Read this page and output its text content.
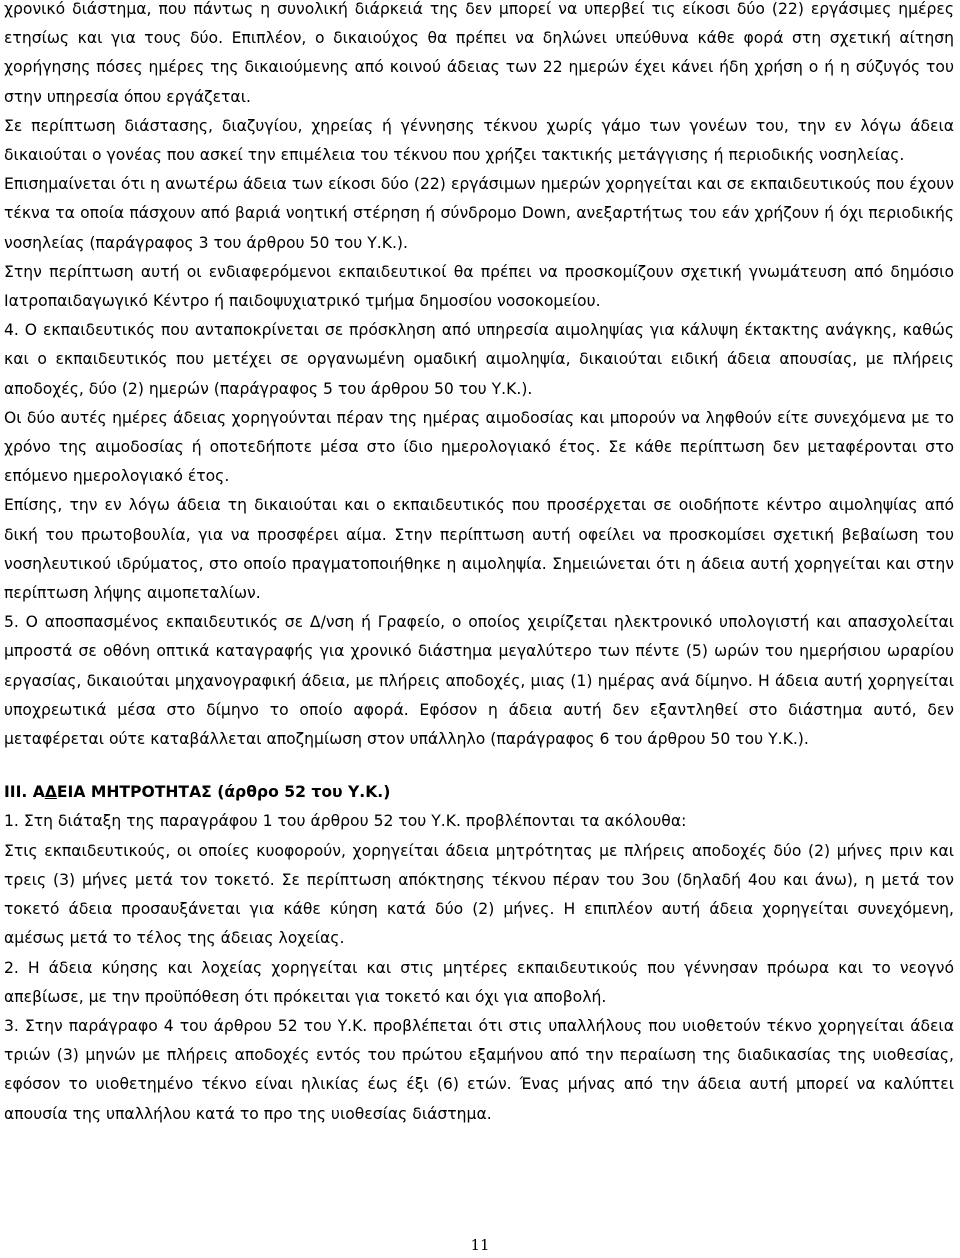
χρονικό διάστημα, που πάντως η συνολική διάρκειά της δεν μπορεί να υπερβεί τις είκοσι δύο (22) εργάσιμες ημέρες ετησίως και για τους δύο. Επιπλέον, ο δικαιούχος θα πρέπει να δηλώνει υπεύθυνα κάθε φορά στη σχετική αίτηση χορήγησης πόσες ημέρες της δικαιούμενης από κοινού άδειας των 22 ημερών έχει κάνει ήδη χρήση ο ή η σύζυγός του στην υπηρεσία όπου εργάζεται.

Σε περίπτωση διάστασης, διαζυγίου, χηρείας ή γέννησης τέκνου χωρίς γάμο των γονέων του, την εν λόγω άδεια δικαιούται ο γονέας που ασκεί την επιμέλεια του τέκνου που χρήζει τακτικής μετάγγισης ή περιοδικής νοσηλείας.

Επισημαίνεται ότι η ανωτέρω άδεια των είκοσι δύο (22) εργάσιμων ημερών χορηγείται και σε εκπαιδευτικούς που έχουν τέκνα τα οποία πάσχουν από βαριά νοητική στέρηση ή σύνδρομο Down, ανεξαρτήτως του εάν χρήζουν ή όχι περιοδικής νοσηλείας (παράγραφος 3 του άρθρου 50 του Υ.Κ.).

Στην περίπτωση αυτή οι ενδιαφερόμενοι εκπαιδευτικοί θα πρέπει να προσκομίζουν σχετική γνωμάτευση από δημόσιο Ιατροπαιδαγωγικό Κέντρο ή παιδοψυχιατρικό τμήμα δημοσίου νοσοκομείου.

4. Ο εκπαιδευτικός που ανταποκρίνεται σε πρόσκληση από υπηρεσία αιμοληψίας για κάλυψη έκτακτης ανάγκης, καθώς και ο εκπαιδευτικός που μετέχει σε οργανωμένη ομαδική αιμοληψία, δικαιούται ειδική άδεια απουσίας, με πλήρεις αποδοχές, δύο (2) ημερών (παράγραφος 5 του άρθρου 50 του Υ.Κ.).

Οι δύο αυτές ημέρες άδειας χορηγούνται πέραν της ημέρας αιμοδοσίας και μπορούν να ληφθούν είτε συνεχόμενα με το χρόνο της αιμοδοσίας ή οποτεδήποτε μέσα στο ίδιο ημερολογιακό έτος. Σε κάθε περίπτωση δεν μεταφέρονται στο επόμενο ημερολογιακό έτος.

Επίσης, την εν λόγω άδεια τη δικαιούται και ο εκπαιδευτικός που προσέρχεται σε οιοδήποτε κέντρο αιμοληψίας από δική του πρωτοβουλία, για να προσφέρει αίμα. Στην περίπτωση αυτή οφείλει να προσκομίσει σχετική βεβαίωση του νοσηλευτικού ιδρύματος, στο οποίο πραγματοποιήθηκε η αιμοληψία. Σημειώνεται ότι η άδεια αυτή χορηγείται και στην περίπτωση λήψης αιμοπεταλίων.

5. Ο αποσπασμένος εκπαιδευτικός σε Δ/νση ή Γραφείο, ο οποίος χειρίζεται ηλεκτρονικό υπολογιστή και απασχολείται μπροστά σε οθόνη οπτικά καταγραφής για χρονικό διάστημα μεγαλύτερο των πέντε (5) ωρών του ημερήσιου ωραρίου εργασίας, δικαιούται μηχανογραφική άδεια, με πλήρεις αποδοχές, μιας (1) ημέρας ανά δίμηνο. Η άδεια αυτή χορηγείται υποχρεωτικά μέσα στο δίμηνο το οποίο αφορά. Εφόσον η άδεια αυτή δεν εξαντληθεί στο διάστημα αυτό, δεν μεταφέρεται ούτε καταβάλλεται αποζημίωση στον υπάλληλο (παράγραφος 6 του άρθρου 50 του Υ.Κ.).

ΙΙΙ. ΑΔΕΙΑ ΜΗΤΡΟΤΗΤΑΣ (άρθρο 52 του Υ.Κ.)

1. Στη διάταξη της παραγράφου 1 του άρθρου 52 του Υ.Κ. προβλέπονται τα ακόλουθα:

Στις εκπαιδευτικούς, οι οποίες κυοφορούν, χορηγείται άδεια μητρότητας με πλήρεις αποδοχές δύο (2) μήνες πριν και τρεις (3) μήνες μετά τον τοκετό. Σε περίπτωση απόκτησης τέκνου πέραν του 3ου (δηλαδή 4ου και άνω), η μετά τον τοκετό άδεια προσαυξάνεται για κάθε κύηση κατά δύο (2) μήνες. Η επιπλέον αυτή άδεια χορηγείται συνεχόμενη, αμέσως μετά το τέλος της άδειας λοχείας.

2. Η άδεια κύησης και λοχείας χορηγείται και στις μητέρες εκπαιδευτικούς που γέννησαν πρόωρα και το νεογνό απεβίωσε, με την προϋπόθεση ότι πρόκειται για τοκετό και όχι για αποβολή.

3. Στην παράγραφο 4 του άρθρου 52 του Υ.Κ. προβλέπεται ότι στις υπαλλήλους που υιοθετούν τέκνο χορηγείται άδεια τριών (3) μηνών με πλήρεις αποδοχές εντός του πρώτου εξαμήνου από την περαίωση της διαδικασίας της υιοθεσίας, εφόσον το υιοθετημένο τέκνο είναι ηλικίας έως έξι (6) ετών. Ένας μήνας από την άδεια αυτή μπορεί να καλύπτει απουσία της υπαλλήλου κατά το πρo της υιοθεσίας διάστημα.

11
